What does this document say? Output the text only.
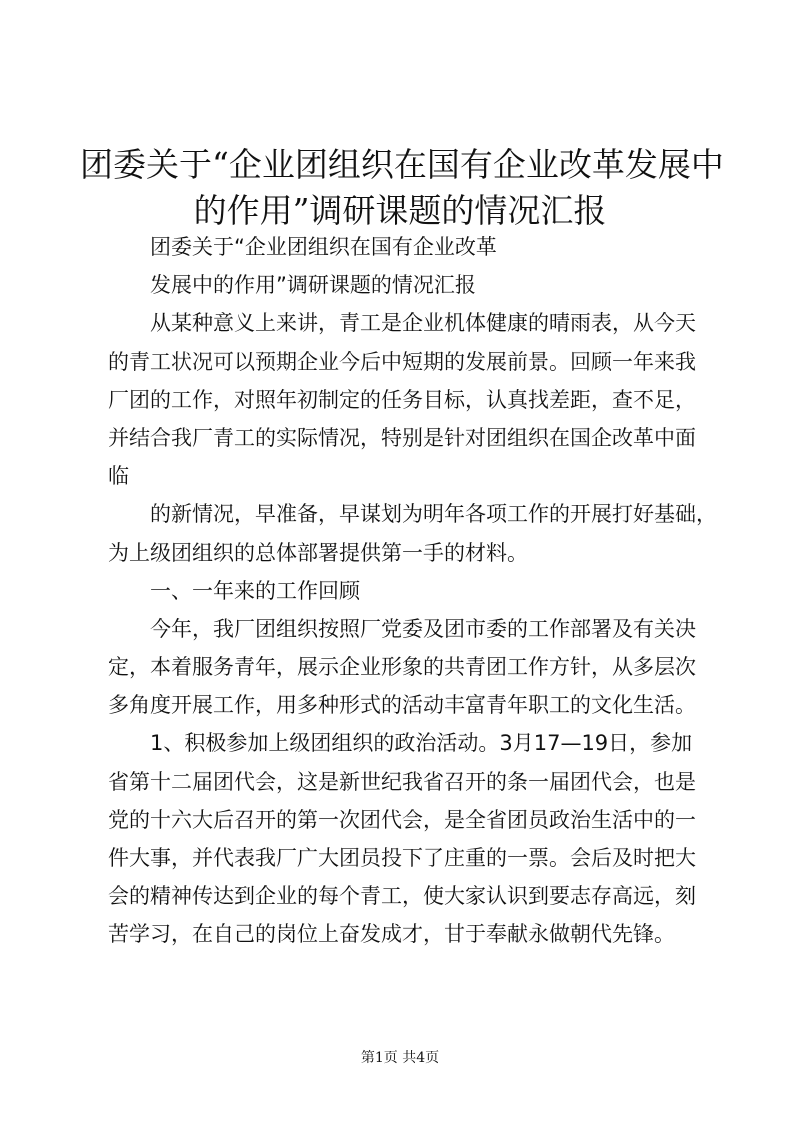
团委关于“企业团组织在国有企业改革发展中
的作用”调研课题的情况汇报
团委关于“企业团组织在国有企业改革
发展中的作用”调研课题的情况汇报
从某种意义上来讲，青工是企业机体健康的晴雨表，从今天
的青工状况可以预期企业今后中短期的发展前景。回顾一年来我
厂团的工作，对照年初制定的任务目标，认真找差距，查不足，
并结合我厂青工的实际情况，特别是针对团组织在国企改革中面
临
的新情况，早准备，早谋划为明年各项工作的开展打好基础，
为上级团组织的总体部署提供第一手的材料。
一、一年来的工作回顾
今年，我厂团组织按照厂党委及团市委的工作部署及有关决
定，本着服务青年，展示企业形象的共青团工作方针，从多层次
多角度开展工作，用多种形式的活动丰富青年职工的文化生活。
1、积极参加上级团组织的政治活动。3月17—19日，参加
省第十二届团代会，这是新世纪我省召开的条一届团代会，也是
党的十六大后召开的第一次团代会，是全省团员政治生活中的一
件大事，并代表我厂广大团员投下了庄重的一票。会后及时把大
会的精神传达到企业的每个青工，使大家认识到要志存高远，刻
苦学习，在自己的岗位上奋发成才，甘于奉献永做朝代先锋。
第1页 共4页
